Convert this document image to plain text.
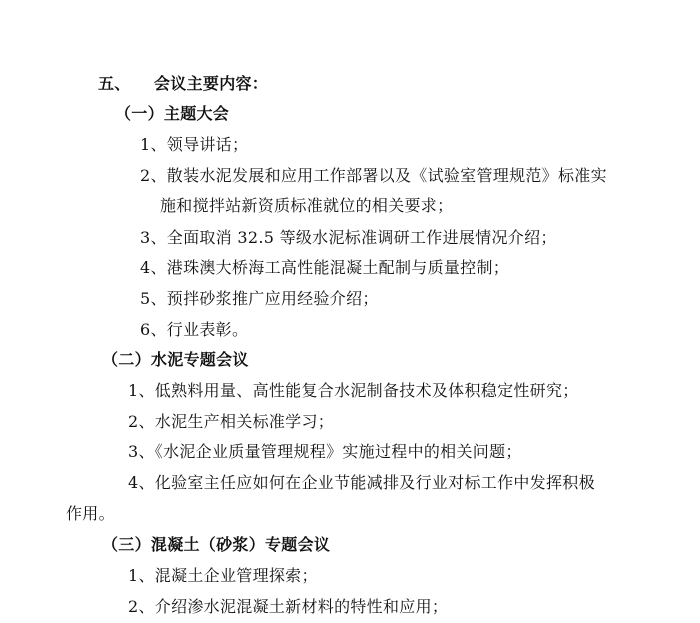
五、 会议主要内容：
（一）主题大会
1、领导讲话；
2、散装水泥发展和应用工作部署以及《试验室管理规范》标准实
施和搅拌站新资质标准就位的相关要求；
3、全面取消 32.5 等级水泥标准调研工作进展情况介绍；
4、港珠澳大桥海工高性能混凝土配制与质量控制；
5、预拌砂浆推广应用经验介绍；
6、行业表彰。
（二）水泥专题会议
1、低熟料用量、高性能复合水泥制备技术及体积稳定性研究；
2、水泥生产相关标准学习；
3、《水泥企业质量管理规程》实施过程中的相关问题；
4、化验室主任应如何在企业节能减排及行业对标工作中发挥积极
作用。
（三）混凝土（砂浆）专题会议
1、混凝土企业管理探索；
2、介绍渗水泥混凝土新材料的特性和应用；
